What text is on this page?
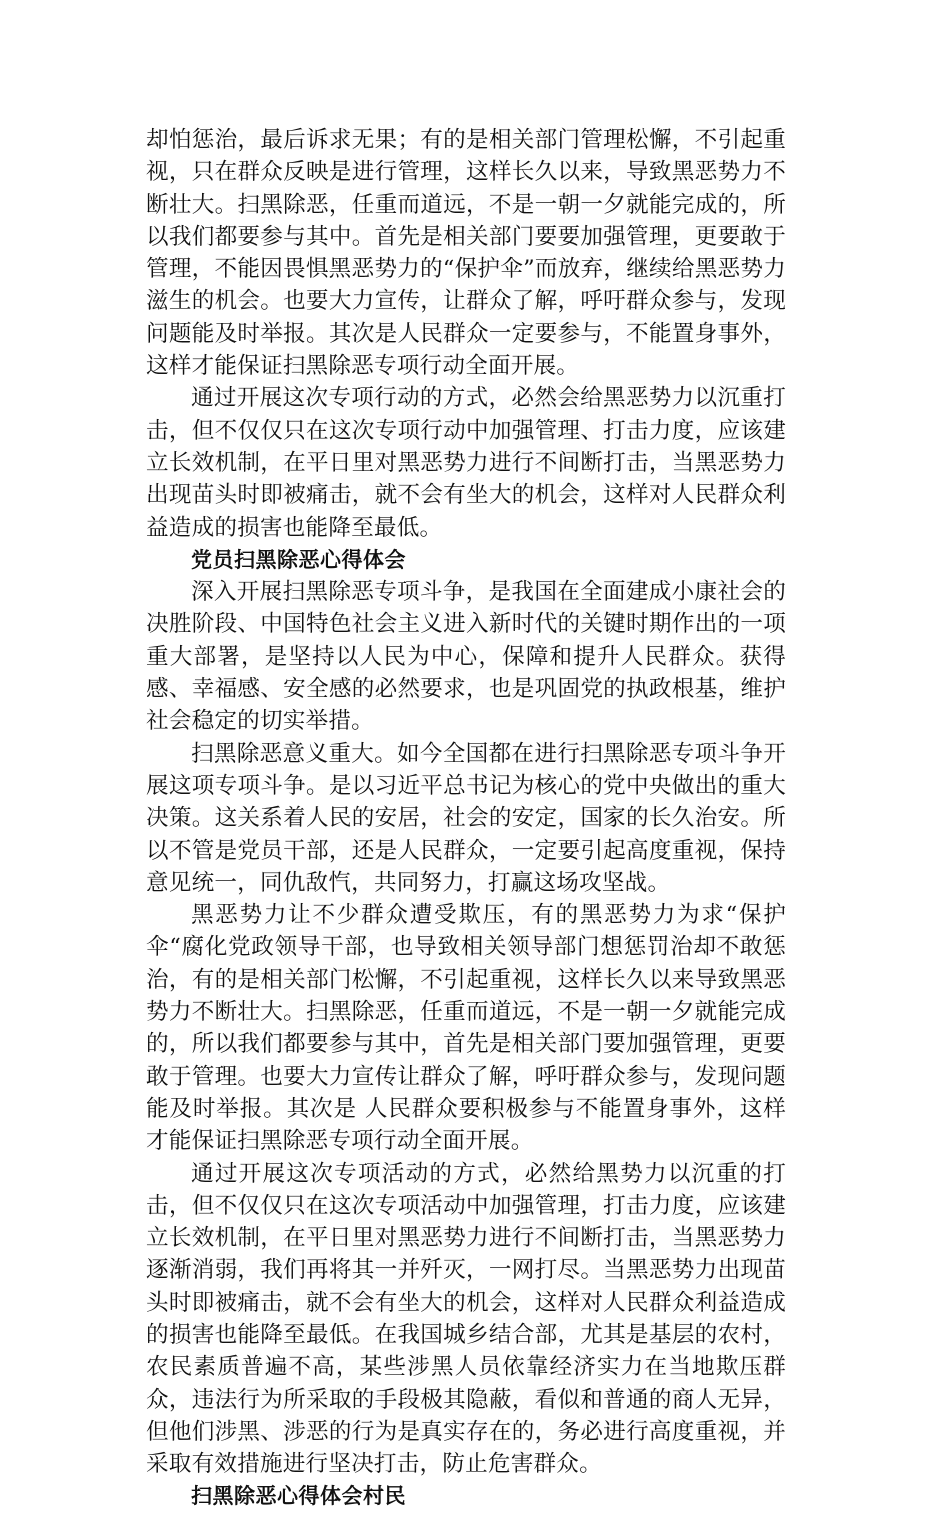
却怕惩治，最后诉求无果；有的是相关部门管理松懈，不引起重视，只在群众反映是进行管理，这样长久以来，导致黑恶势力不断壮大。扫黑除恶，任重而道远，不是一朝一夕就能完成的，所以我们都要参与其中。首先是相关部门要要加强管理，更要敢于管理，不能因畏惧黑恶势力的“保护伞”而放弃，继续给黑恶势力滋生的机会。也要大力宣传，让群众了解，呼吁群众参与，发现问题能及时举报。其次是人民群众一定要参与，不能置身事外，这样才能保证扫黑除恶专项行动全面开展。

通过开展这次专项行动的方式，必然会给黑恶势力以沉重打击，但不仅仅只在这次专项行动中加强管理、打击力度，应该建立长效机制，在平日里对黑恶势力进行不间断打击，当黑恶势力出现苗头时即被痛击，就不会有坐大的机会，这样对人民群众利益造成的损害也能降至最低。

党员扫黑除恶心得体会

深入开展扫黑除恶专项斗争，是我国在全面建成小康社会的决胜阶段、中国特色社会主义进入新时代的关键时期作出的一项重大部署，是坚持以人民为中心，保障和提升人民群众。获得感、幸福感、安全感的必然要求，也是巩固党的执政根基，维护社会稳定的切实举措。

扫黑除恶意义重大。如今全国都在进行扫黑除恶专项斗争开展这项专项斗争。是以习近平总书记为核心的党中央做出的重大决策。这关系着人民的安居，社会的安定，国家的长久治安。所以不管是党员干部，还是人民群众，一定要引起高度重视，保持意见统一，同仇敌忾，共同努力，打赢这场攻坚战。

黑恶势力让不少群众遭受欺压，有的黑恶势力为求“保护伞“腐化党政领导干部，也导致相关领导部门想惩罚治却不敢惩治，有的是相关部门松懈，不引起重视，这样长久以来导致黑恶势力不断壮大。扫黑除恶，任重而道远，不是一朝一夕就能完成的，所以我们都要参与其中，首先是相关部门要加强管理，更要敢于管理。也要大力宣传让群众了解，呼吁群众参与，发现问题能及时举报。其次是 人民群众要积极参与不能置身事外，这样才能保证扫黑除恶专项行动全面开展。

通过开展这次专项活动的方式，必然给黑势力以沉重的打击，但不仅仅只在这次专项活动中加强管理，打击力度，应该建立长效机制，在平日里对黑恶势力进行不间断打击，当黑恶势力逐渐消弱，我们再将其一并歼灭，一网打尽。当黑恶势力出现苗头时即被痛击，就不会有坐大的机会，这样对人民群众利益造成的损害也能降至最低。在我国城乡结合部，尤其是基层的农村，农民素质普遍不高，某些涉黑人员依靠经济实力在当地欺压群众，违法行为所采取的手段极其隐蔽，看似和普通的商人无异，但他们涉黑、涉恶的行为是真实存在的，务必进行高度重视，并采取有效措施进行坚决打击，防止危害群众。

扫黑除恶心得体会村民
